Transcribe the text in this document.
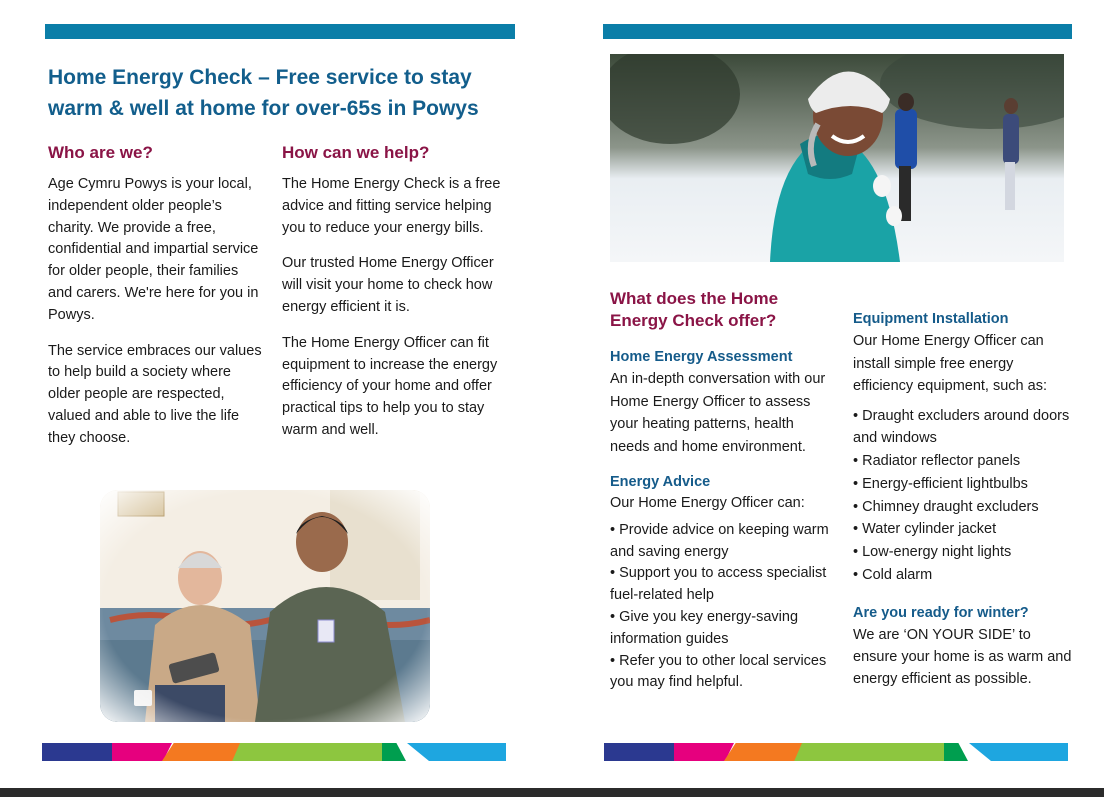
Home Energy Check – Free service to stay warm & well at home for over-65s in Powys
Who are we?

Age Cymru Powys is your local, independent older people’s charity. We provide a free, confidential and impartial service for older people, their families and carers. We're here for you in Powys.

The service embraces our values to help build a society where older people are respected, valued and able to live the life they choose.

How can we help?

The Home Energy Check is a free advice and fitting service helping you to reduce your energy bills.

Our trusted Home Energy Officer will visit your home to check how energy efficient it is.

The Home Energy Officer can fit equipment to increase the energy efficiency of your home and offer practical tips to help you to stay warm and well.

What does the Home Energy Check offer?
Home Energy Assessment

An in-depth conversation with our Home Energy Officer to assess your heating patterns, health needs and home environment.

Energy Advice

Our Home Energy Officer can:

• Provide advice on keeping warm and saving energy
• Support you to access specialist fuel-related help
• Give you key energy-saving information guides
• Refer you to other local services you may find helpful.
Equipment Installation

Our Home Energy Officer can install simple free energy efficiency equipment, such as:

• Draught excluders around doors and windows
• Radiator reflector panels
• Energy-efficient lightbulbs
• Chimney draught excluders
• Water cylinder jacket
• Low-energy night lights
• Cold alarm
Are you ready for winter?

We are ‘ON YOUR SIDE’ to ensure your home is as warm and energy efficient as possible.
